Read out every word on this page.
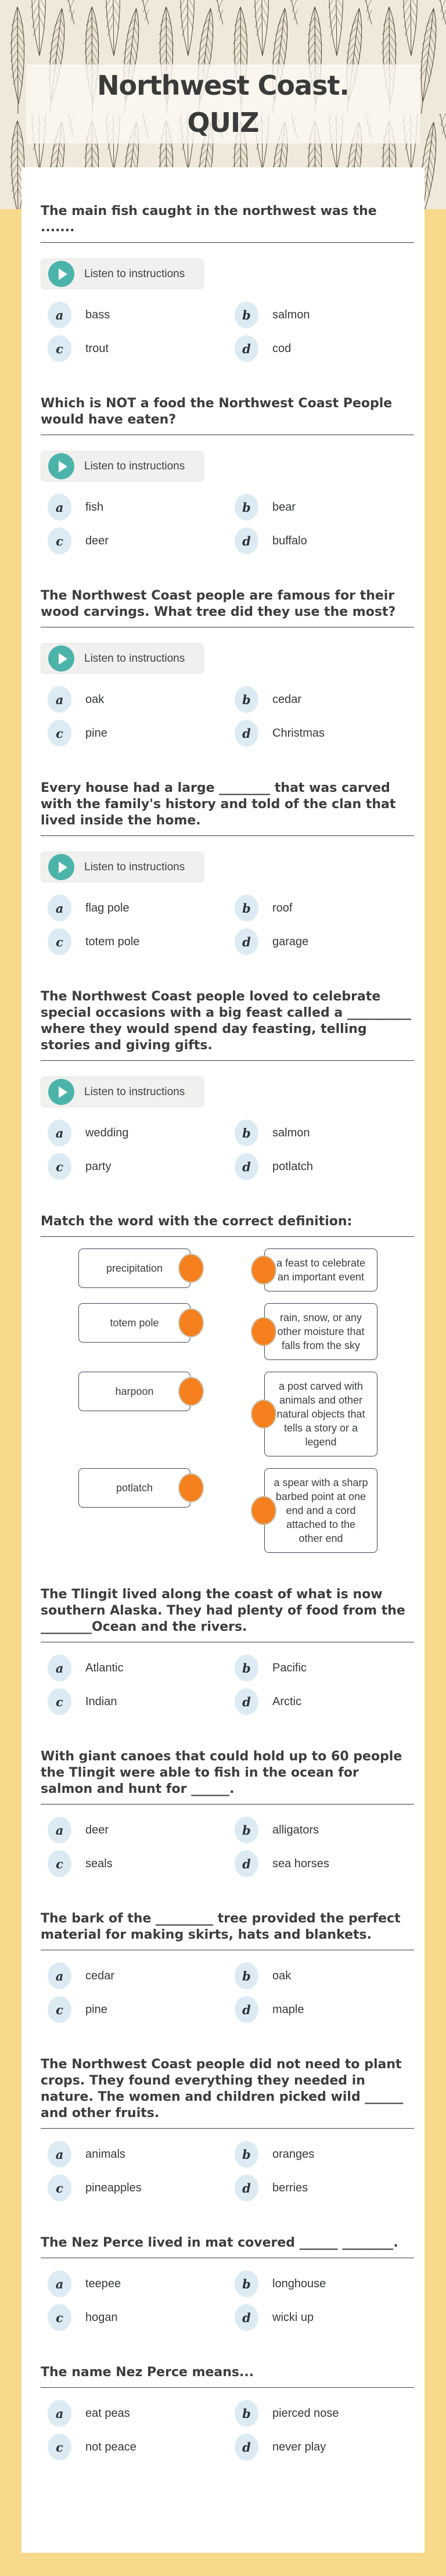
Northwest Coast.
QUIZ
The main fish caught in the northwest was the .......
Listen to instructions
a	bass	b	salmon
c	trout	d	cod
Which is NOT a food the Northwest Coast People would have eaten?
Listen to instructions
a	fish	b	bear
c	deer	d	buffalo
The Northwest Coast people are famous for their wood carvings. What tree did they use the most?
Listen to instructions
a	oak	b	cedar
c	pine	d	Christmas
Every house had a large ________ that was carved with the family's history and told of the clan that lived inside the home.
Listen to instructions
a	flag pole	b	roof
c	totem pole	d	garage
The Northwest Coast people loved to celebrate special occasions with a big feast called a __________ where they would spend day feasting, telling stories and giving gifts.
Listen to instructions
a	wedding	b	salmon
c	party	d	potlatch
Match the word with the correct definition:
precipitation	a feast to celebrate an important event
totem pole	rain, snow, or any other moisture that falls from the sky
harpoon	a post carved with animals and other natural objects that tells a story or a legend
potlatch	a spear with a sharp barbed point at one end and a cord attached to the other end
The Tlingit lived along the coast of what is now southern Alaska. They had plenty of food from the ________Ocean and the rivers.
a	Atlantic	b	Pacific
c	Indian	d	Arctic
With giant canoes that could hold up to 60 people the Tlingit were able to fish in the ocean for salmon and hunt for ______.
a	deer	b	alligators
c	seals	d	sea horses
The bark of the _________ tree provided the perfect material for making skirts, hats and blankets.
a	cedar	b	oak
c	pine	d	maple
The Northwest Coast people did not need to plant crops. They found everything they needed in nature. The women and children picked wild ______ and other fruits.
a	animals	b	oranges
c	pineapples	d	berries
The Nez Perce lived in mat covered ______ ________.
a	teepee	b	longhouse
c	hogan	d	wicki up
The name Nez Perce means...
a	eat peas	b	pierced nose
c	not peace	d	never play
